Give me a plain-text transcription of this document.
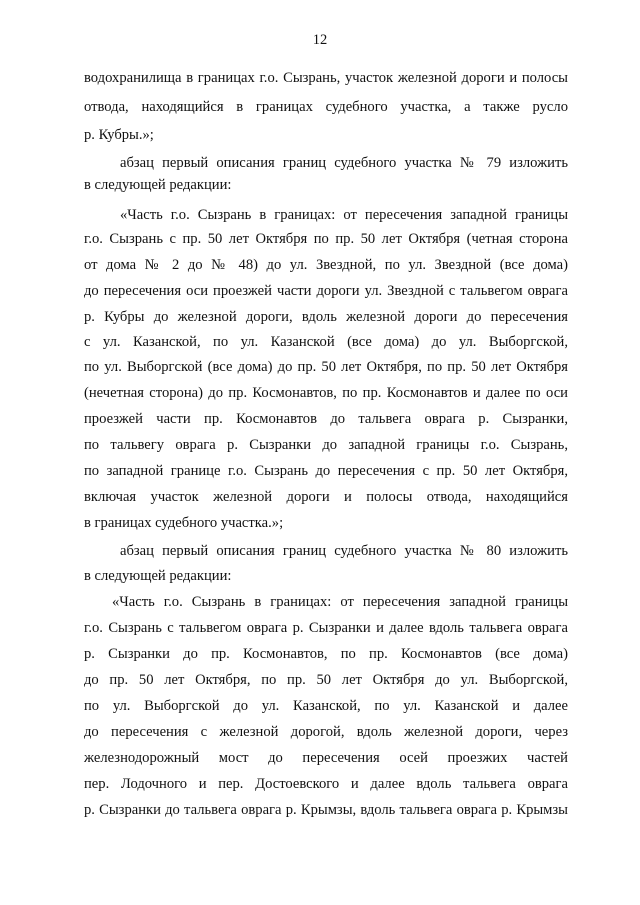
12
водохранилища в границах г.о. Сызрань, участок железной дороги и полосы
отвода, находящийся в границах судебного участка, а также русло
р. Кубры.»;
абзац первый описания границ судебного участка № 79 изложить
в следующей редакции:
«Часть г.о. Сызрань в границах: от пересечения западной границы
г.о. Сызрань с пр. 50 лет Октября по пр. 50 лет Октября (четная сторона
от дома № 2 до № 48) до ул. Звездной, по ул. Звездной (все дома)
до пересечения оси проезжей части дороги ул. Звездной с тальвегом оврага
р. Кубры до железной дороги, вдоль железной дороги до пересечения
с ул. Казанской, по ул. Казанской (все дома) до ул. Выборгской,
по ул. Выборгской (все дома) до пр. 50 лет Октября, по пр. 50 лет Октября
(нечетная сторона) до пр. Космонавтов, по пр. Космонавтов и далее по оси
проезжей части пр. Космонавтов до тальвега оврага р. Сызранки,
по тальвегу оврага р. Сызранки до западной границы г.о. Сызрань,
по западной границе г.о. Сызрань до пересечения с пр. 50 лет Октября,
включая участок железной дороги и полосы отвода, находящийся
в границах судебного участка.»;
абзац первый описания границ судебного участка № 80 изложить
в следующей редакции:
«Часть г.о. Сызрань в границах: от пересечения западной границы
г.о. Сызрань с тальвегом оврага р. Сызранки и далее вдоль тальвега оврага
р. Сызранки до пр. Космонавтов, по пр. Космонавтов (все дома)
до пр. 50 лет Октября, по пр. 50 лет Октября до ул. Выборгской,
по ул. Выборгской до ул. Казанской, по ул. Казанской и далее
до пересечения с железной дорогой, вдоль железной дороги, через
железнодорожный мост до пересечения осей проезжих частей
пер. Лодочного и пер. Достоевского и далее вдоль тальвега оврага
р. Сызранки до тальвега оврага р. Крымзы, вдоль тальвега оврага р. Крымзы
